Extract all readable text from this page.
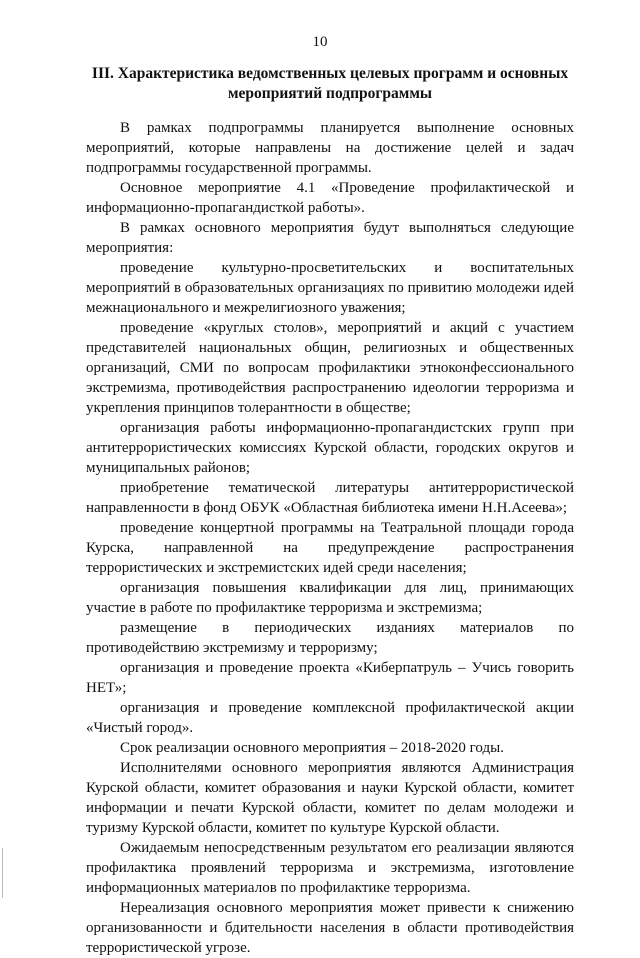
10
III. Характеристика ведомственных целевых программ и основных
мероприятий подпрограммы

В рамках подпрограммы планируется выполнение основных мероприятий, которые направлены на достижение целей и задач подпрограммы государственной программы.

Основное мероприятие 4.1 «Проведение профилактической и информационно-пропагандисткой работы».

В рамках основного мероприятия будут выполняться следующие мероприятия:

проведение культурно-просветительских и воспитательных мероприятий в образовательных организациях по привитию молодежи идей межнационального и межрелигиозного уважения;

проведение «круглых столов», мероприятий и акций с участием представителей национальных общин, религиозных и общественных организаций, СМИ по вопросам профилактики этноконфессионального экстремизма, противодействия распространению идеологии терроризма и укрепления принципов толерантности в обществе;

организация работы информационно-пропагандистских групп при антитеррористических комиссиях Курской области, городских округов и муниципальных районов;

приобретение тематической литературы антитеррористической направленности в фонд ОБУК «Областная библиотека имени Н.Н.Асеева»;

проведение концертной программы на Театральной площади города Курска, направленной на предупреждение распространения террористических и экстремистских идей среди населения;

организация повышения квалификации для лиц, принимающих участие в работе по профилактике терроризма и экстремизма;

размещение в периодических изданиях материалов по противодействию экстремизму и терроризму;

организация и проведение проекта «Киберпатруль – Учись говорить НЕТ»;

организация и проведение комплексной профилактической акции «Чистый город».

Срок реализации основного мероприятия – 2018-2020 годы.

Исполнителями основного мероприятия являются Администрация Курской области, комитет образования и науки Курской области, комитет информации и печати Курской области, комитет по делам молодежи и туризму Курской области, комитет по культуре Курской области.

Ожидаемым непосредственным результатом его реализации являются профилактика проявлений терроризма и экстремизма, изготовление информационных материалов по профилактике терроризма.

Нереализация основного мероприятия может привести к снижению организованности и бдительности населения в области противодействия террористической угрозе.
